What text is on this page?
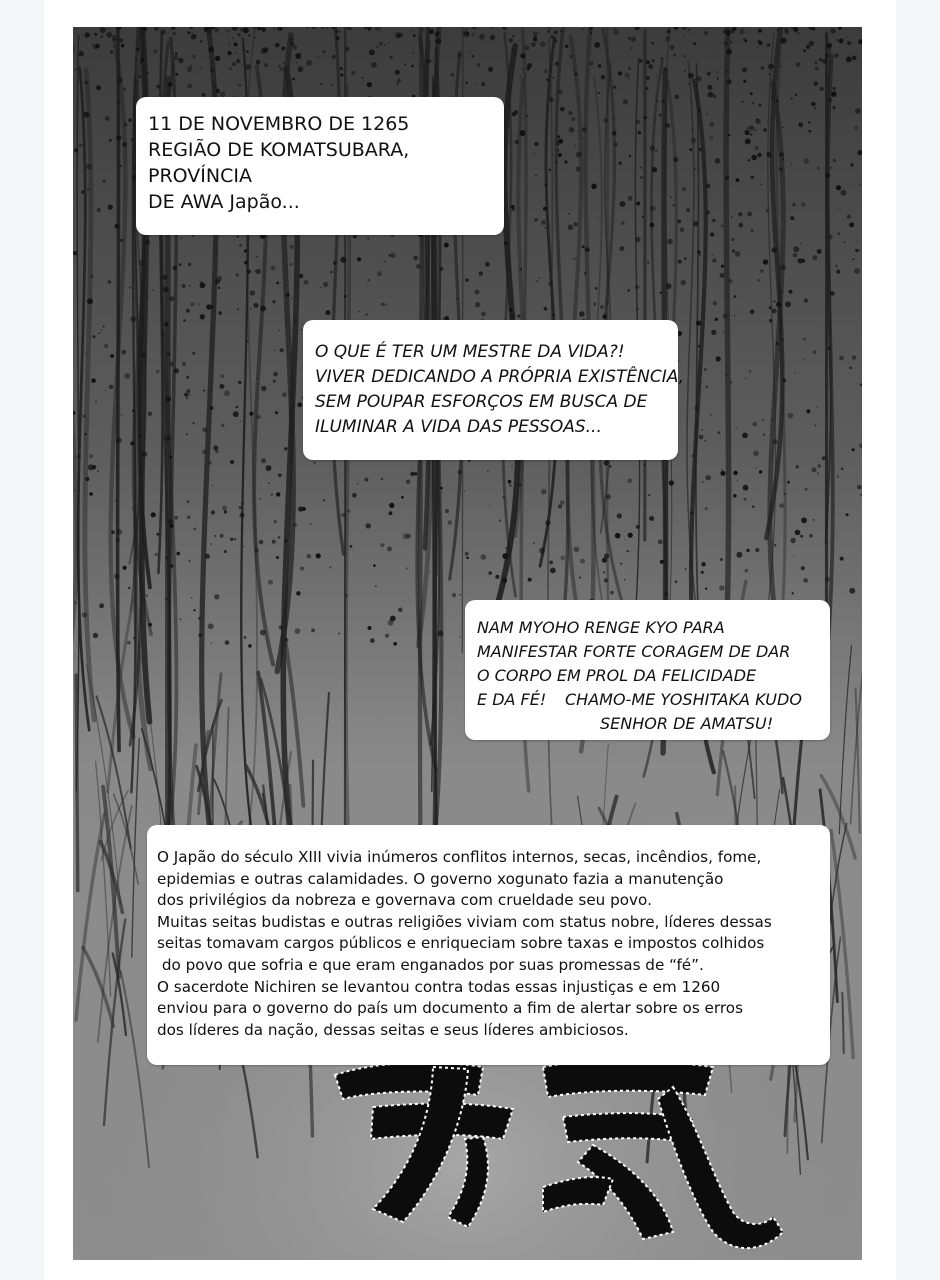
11 DE NOVEMBRO DE 1265
REGIÃO DE KOMATSUBARA,
PROVÍNCIA
DE AWA Japão...
O QUE É TER UM MESTRE DA VIDA?!
VIVER DEDICANDO A PRÓPRIA EXISTÊNCIA,
SEM POUPAR ESFORÇOS EM BUSCA DE
ILUMINAR A VIDA DAS PESSOAS...
NAM MYOHO RENGE KYO PARA
MANIFESTAR FORTE CORAGEM DE DAR
O CORPO EM PROL DA FELICIDADE
E DA FÉ!	CHAMO-ME YOSHITAKA KUDO
SENHOR DE AMATSU!
O Japão do século XIII vivia inúmeros conflitos internos, secas, incêndios, fome,
epidemias e outras calamidades. O governo xogunato fazia a manutenção
dos privilégios da nobreza e governava com crueldade seu povo.
Muitas seitas budistas e outras religiões viviam com status nobre, líderes dessas
seitas tomavam cargos públicos e enriqueciam sobre taxas e impostos colhidos
do povo que sofria e que eram enganados por suas promessas de “fé”.
O sacerdote Nichiren se levantou contra todas essas injustiças e em 1260
enviou para o governo do país um documento a fim de alertar sobre os erros
dos líderes da nação, dessas seitas e seus líderes ambiciosos.
